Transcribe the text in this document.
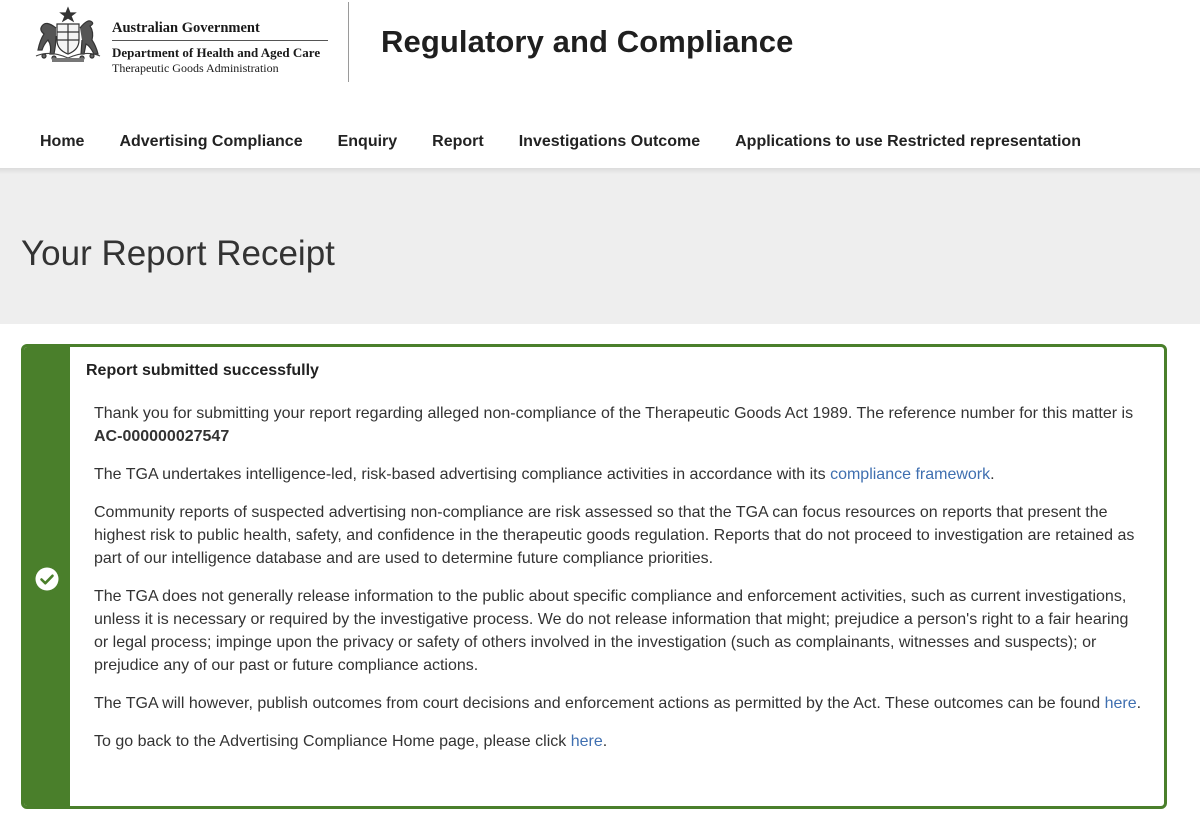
Australian Government
Department of Health and Aged Care
Therapeutic Goods Administration
Regulatory and Compliance
Home Advertising Compliance Enquiry Report Investigations Outcome Applications to use Restricted representation
Your Report Receipt
Report submitted successfully

Thank you for submitting your report regarding alleged non-compliance of the Therapeutic Goods Act 1989. The reference number for this matter is AC-000000027547

The TGA undertakes intelligence-led, risk-based advertising compliance activities in accordance with its compliance framework.

Community reports of suspected advertising non-compliance are risk assessed so that the TGA can focus resources on reports that present the highest risk to public health, safety, and confidence in the therapeutic goods regulation. Reports that do not proceed to investigation are retained as part of our intelligence database and are used to determine future compliance priorities.

The TGA does not generally release information to the public about specific compliance and enforcement activities, such as current investigations, unless it is necessary or required by the investigative process. We do not release information that might; prejudice a person's right to a fair hearing or legal process; impinge upon the privacy or safety of others involved in the investigation (such as complainants, witnesses and suspects); or prejudice any of our past or future compliance actions.

The TGA will however, publish outcomes from court decisions and enforcement actions as permitted by the Act. These outcomes can be found here.

To go back to the Advertising Compliance Home page, please click here.
